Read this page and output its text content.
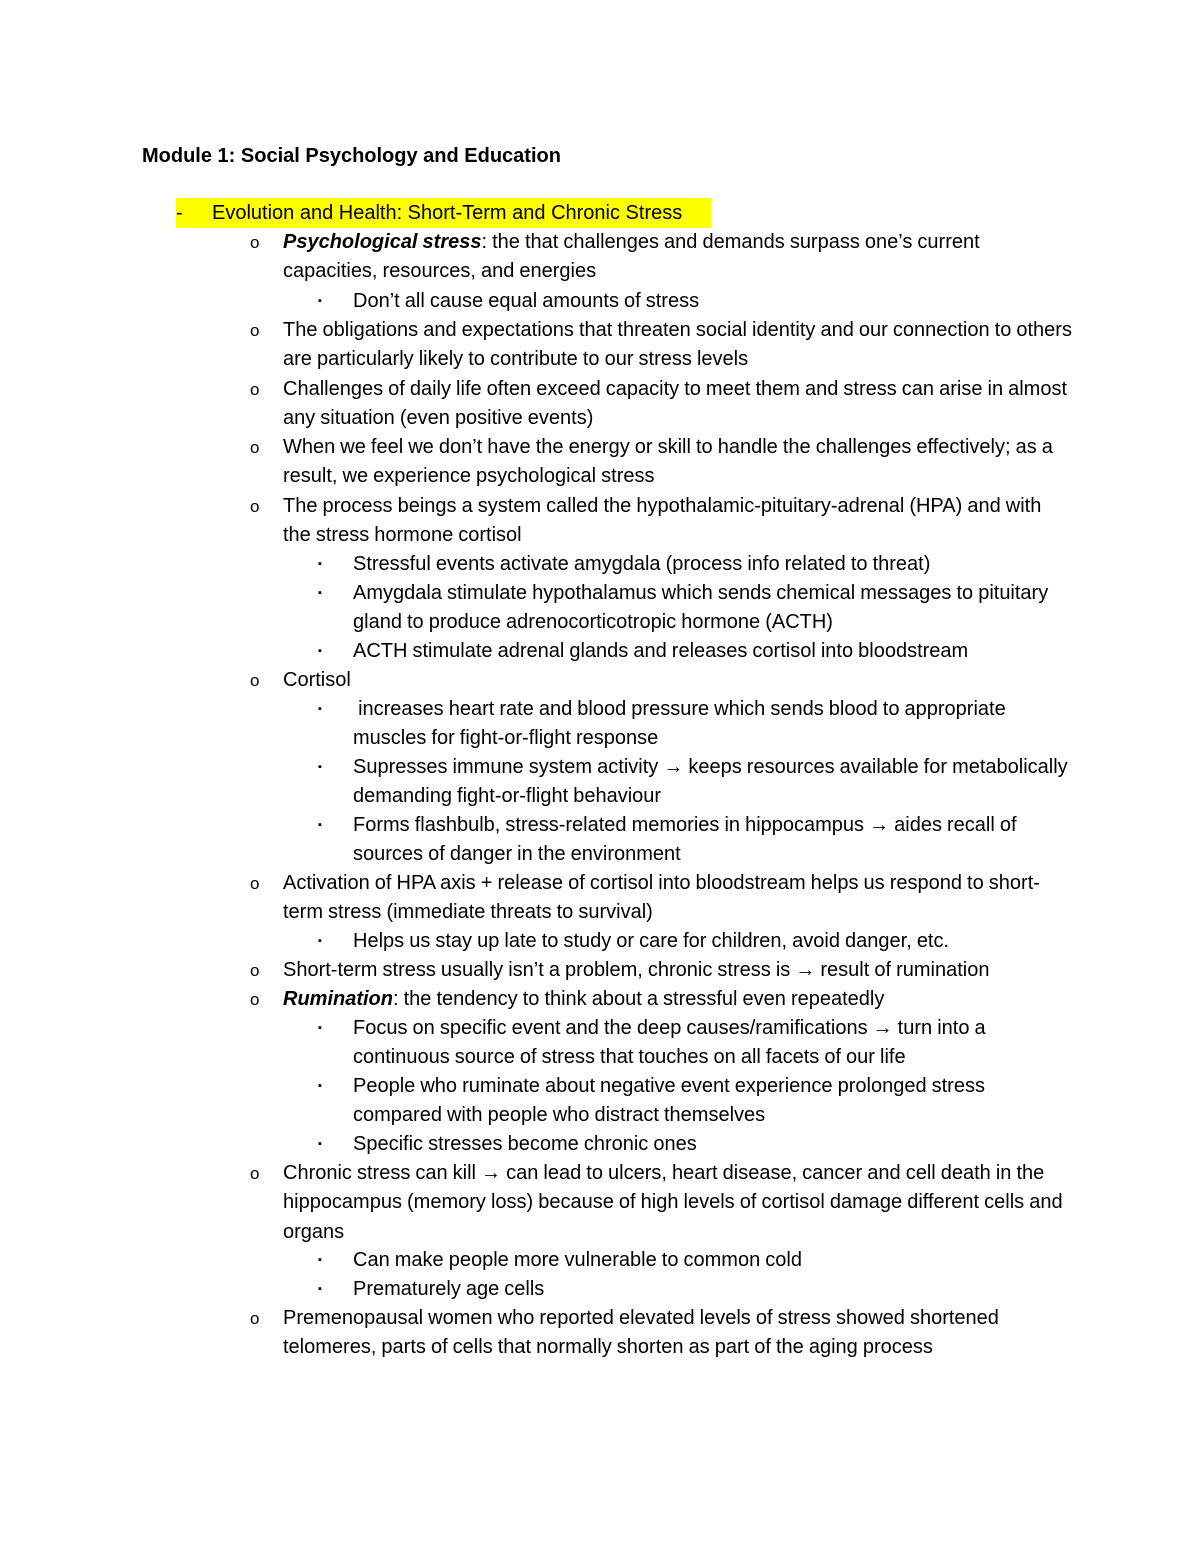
Module 1: Social Psychology and Education
- Evolution and Health: Short-Term and Chronic Stress
o Psychological stress: the that challenges and demands surpass one’s current capacities, resources, and energies
▪ Don’t all cause equal amounts of stress
o The obligations and expectations that threaten social identity and our connection to others are particularly likely to contribute to our stress levels
o Challenges of daily life often exceed capacity to meet them and stress can arise in almost any situation (even positive events)
o When we feel we don’t have the energy or skill to handle the challenges effectively; as a result, we experience psychological stress
o The process beings a system called the hypothalamic-pituitary-adrenal (HPA) and with the stress hormone cortisol
▪ Stressful events activate amygdala (process info related to threat)
▪ Amygdala stimulate hypothalamus which sends chemical messages to pituitary gland to produce adrenocorticotropic hormone (ACTH)
▪ ACTH stimulate adrenal glands and releases cortisol into bloodstream
o Cortisol
▪ increases heart rate and blood pressure which sends blood to appropriate muscles for fight-or-flight response
▪ Supresses immune system activity → keeps resources available for metabolically demanding fight-or-flight behaviour
▪ Forms flashbulb, stress-related memories in hippocampus → aides recall of sources of danger in the environment
o Activation of HPA axis + release of cortisol into bloodstream helps us respond to short-term stress (immediate threats to survival)
▪ Helps us stay up late to study or care for children, avoid danger, etc.
o Short-term stress usually isn’t a problem, chronic stress is → result of rumination
o Rumination: the tendency to think about a stressful even repeatedly
▪ Focus on specific event and the deep causes/ramifications → turn into a continuous source of stress that touches on all facets of our life
▪ People who ruminate about negative event experience prolonged stress compared with people who distract themselves
▪ Specific stresses become chronic ones
o Chronic stress can kill → can lead to ulcers, heart disease, cancer and cell death in the hippocampus (memory loss) because of high levels of cortisol damage different cells and organs
▪ Can make people more vulnerable to common cold
▪ Prematurely age cells
o Premenopausal women who reported elevated levels of stress showed shortened telomeres, parts of cells that normally shorten as part of the aging process
